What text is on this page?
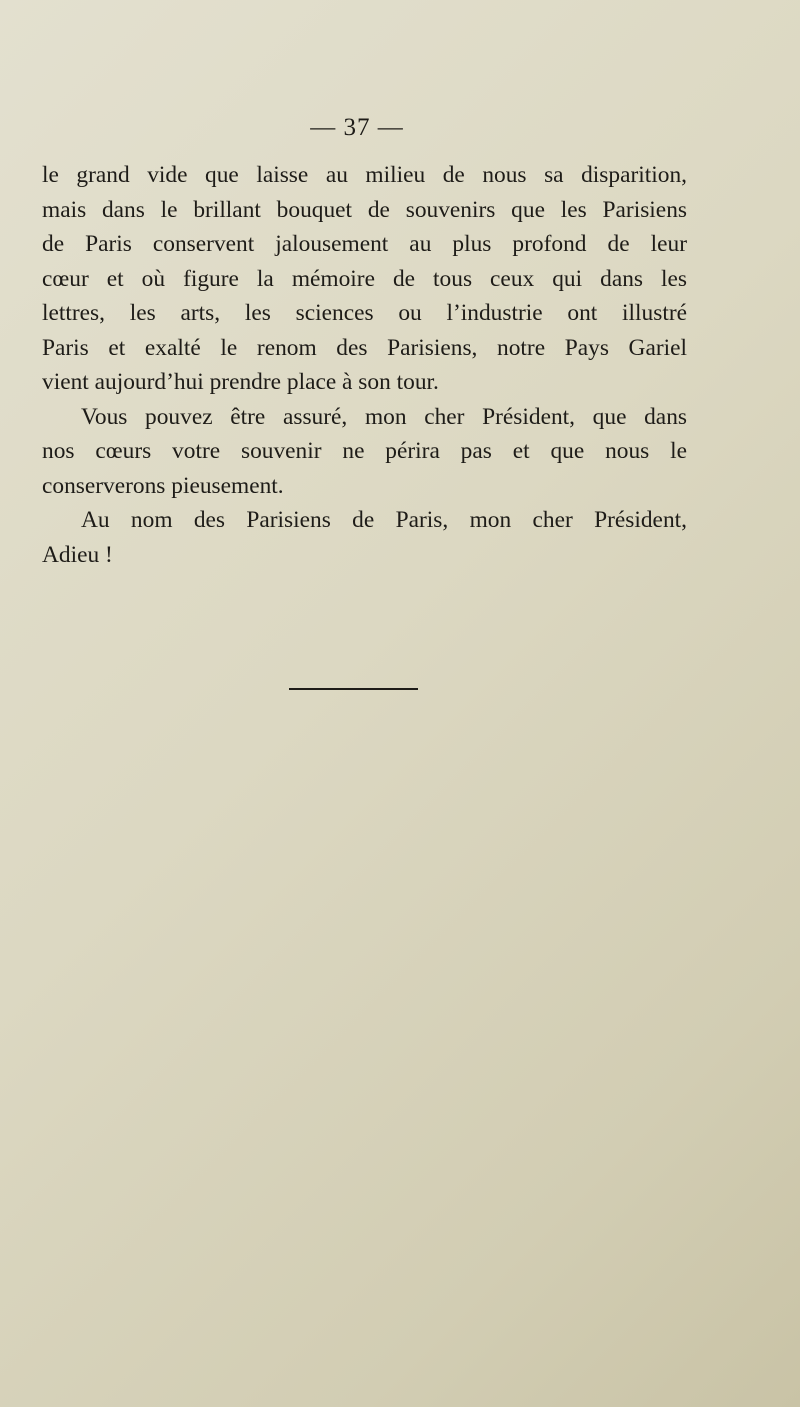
— 37 —
le grand vide que laisse au milieu de nous sa disparition,
mais dans le brillant bouquet de souvenirs que les Parisiens
de Paris conservent jalousement au plus profond de leur
cœur et où figure la mémoire de tous ceux qui dans les
lettres, les arts, les sciences ou l’industrie ont illustré
Paris et exalté le renom des Parisiens, notre Pays Gariel
vient aujourd’hui prendre place à son tour.
Vous pouvez être assuré, mon cher Président, que dans
nos cœurs votre souvenir ne périra pas et que nous le
conserverons pieusement.
Au nom des Parisiens de Paris, mon cher Président,
Adieu !
